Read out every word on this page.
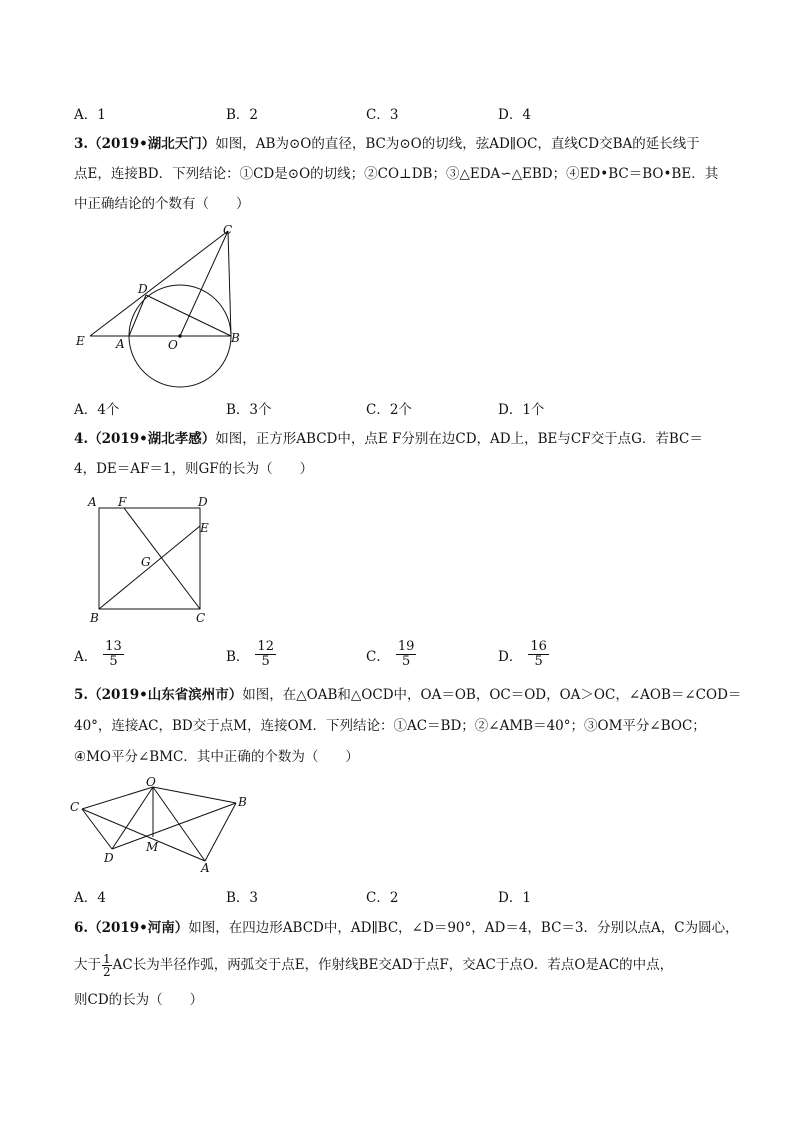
A．1	B．2	C．3	D．4
3.（2019•湖北天门）如图，AB为⊙O的直径，BC为⊙O的切线，弦AD∥OC，直线CD交BA的延长线于
点E，连接BD．下列结论：①CD是⊙O的切线；②CO⊥DB；③△EDA∽△EBD；④ED•BC＝BO•BE．其
中正确结论的个数有（　　）
C
D
E	A	O	B
A．4个	B．3个	C．2个	D．1个
4.（2019•湖北孝感）如图，正方形ABCD中，点E F分别在边CD，AD上，BE与CF交于点G．若BC＝
4，DE＝AF＝1，则GF的长为（　　）
A F	D
E
G
B	C
A． $\frac{13}{5}$	B． $\frac{12}{5}$	C． $\frac{19}{5}$	D． $\frac{16}{5}$
5.（2019•山东省滨州市）如图，在△OAB和△OCD中，OA＝OB，OC＝OD，OA＞OC，∠AOB＝∠COD＝
40°，连接AC，BD交于点M，连接OM．下列结论：①AC＝BD；②∠AMB＝40°；③OM平分∠BOC；
④MO平分∠BMC．其中正确的个数为（　　）
O
C	B
D
M
A
A．4	B．3	C．2	D．1
6.（2019•河南）如图，在四边形ABCD中，AD∥BC，∠D＝90°，AD＝4，BC＝3．分别以点A，C为圆心，
大于 $\frac{1}{2}$ AC长为半径作弧，两弧交于点E，作射线BE交AD于点F，交AC于点O．若点O是AC的中点，
则CD的长为（　　）
